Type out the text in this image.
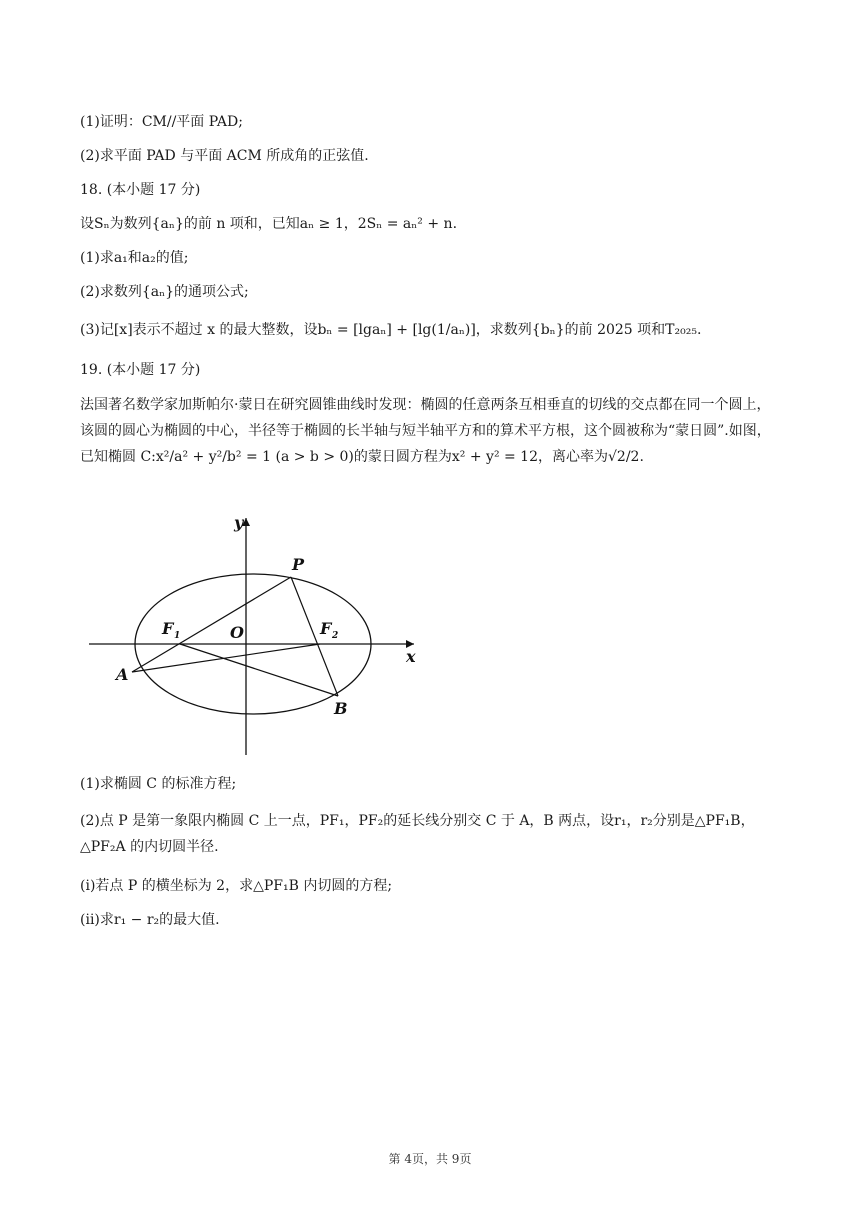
(1)证明：CM//平面 PAD;
(2)求平面 PAD 与平面 ACM 所成角的正弦值.
18. (本小题 17 分)
设Sₙ为数列{aₙ}的前 n 项和，已知aₙ ≥ 1，2Sₙ = aₙ² + n.
(1)求a₁和a₂的值;
(2)求数列{aₙ}的通项公式;
(3)记[x]表示不超过 x 的最大整数，设bₙ = [lgaₙ] + [lg(1/aₙ)]，求数列{bₙ}的前 2025 项和T₂₀₂₅.
19. (本小题 17 分)
法国著名数学家加斯帕尔·蒙日在研究圆锥曲线时发现：椭圆的任意两条互相垂直的切线的交点都在同一个圆上，该圆的圆心为椭圆的中心，半径等于椭圆的长半轴与短半轴平方和的算术平方根，这个圆被称为“蒙日圆”.如图，已知椭圆 C:x²/a² + y²/b² = 1 (a > b > 0)的蒙日圆方程为x² + y² = 12，离心率为√2/2.
y
x
O
P
A
B
F 1	F 2
(1)求椭圆 C 的标准方程;
(2)点 P 是第一象限内椭圆 C 上一点，PF₁，PF₂的延长线分别交 C 于 A，B 两点，设r₁，r₂分别是△PF₁B，△PF₂A 的内切圆半径.
(ⅰ)若点 P 的横坐标为 2，求△PF₁B 内切圆的方程;
(ⅱ)求r₁ − r₂的最大值.
第 4页，共 9页
